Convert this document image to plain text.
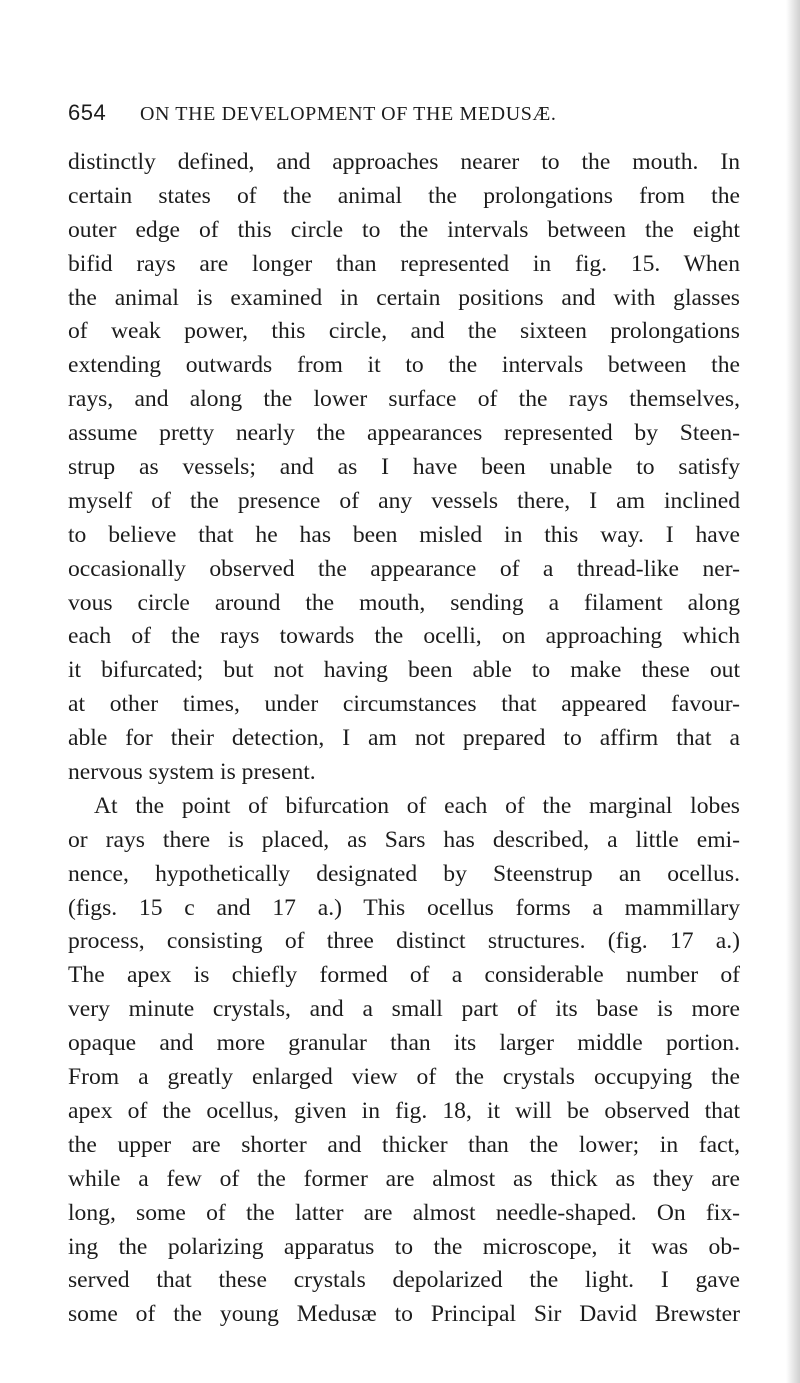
654 ON THE DEVELOPMENT OF THE MEDUSÆ.
distinctly defined, and approaches nearer to the mouth. In
certain states of the animal the prolongations from the
outer edge of this circle to the intervals between the eight
bifid rays are longer than represented in fig. 15. When
the animal is examined in certain positions and with glasses
of weak power, this circle, and the sixteen prolongations
extending outwards from it to the intervals between the
rays, and along the lower surface of the rays themselves,
assume pretty nearly the appearances represented by Steen-
strup as vessels; and as I have been unable to satisfy
myself of the presence of any vessels there, I am inclined
to believe that he has been misled in this way. I have
occasionally observed the appearance of a thread-like ner-
vous circle around the mouth, sending a filament along
each of the rays towards the ocelli, on approaching which
it bifurcated; but not having been able to make these out
at other times, under circumstances that appeared favour-
able for their detection, I am not prepared to affirm that a
nervous system is present.
At the point of bifurcation of each of the marginal lobes
or rays there is placed, as Sars has described, a little emi-
nence, hypothetically designated by Steenstrup an ocellus.
(figs. 15 c and 17 a.) This ocellus forms a mammillary
process, consisting of three distinct structures. (fig. 17 a.)
The apex is chiefly formed of a considerable number of
very minute crystals, and a small part of its base is more
opaque and more granular than its larger middle portion.
From a greatly enlarged view of the crystals occupying the
apex of the ocellus, given in fig. 18, it will be observed that
the upper are shorter and thicker than the lower; in fact,
while a few of the former are almost as thick as they are
long, some of the latter are almost needle-shaped. On fix-
ing the polarizing apparatus to the microscope, it was ob-
served that these crystals depolarized the light. I gave
some of the young Medusæ to Principal Sir David Brewster
